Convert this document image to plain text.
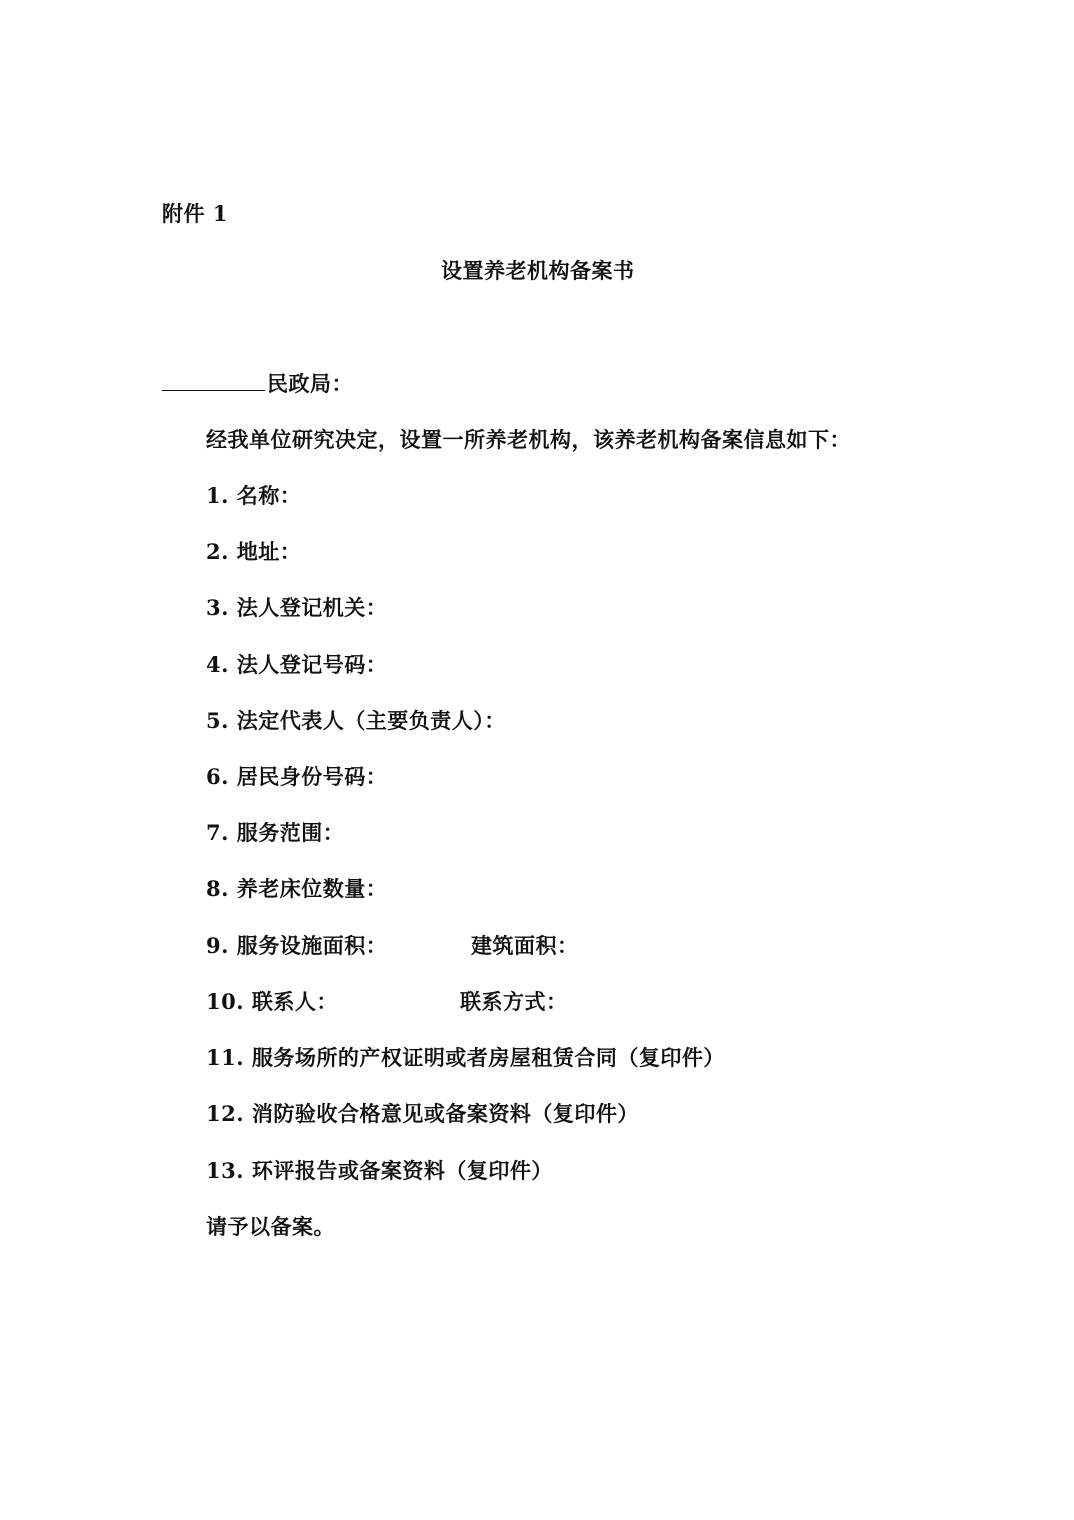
附件 1
设置养老机构备案书
民政局：
经我单位研究决定，设置一所养老机构，该养老机构备案信息如下：
1. 名称：
2. 地址：
3. 法人登记机关：
4. 法人登记号码：
5. 法定代表人（主要负责人）：
6. 居民身份号码：
7. 服务范围：
8. 养老床位数量：
9. 服务设施面积：	建筑面积：
10. 联系人：	联系方式：
11. 服务场所的产权证明或者房屋租赁合同（复印件）
12. 消防验收合格意见或备案资料（复印件）
13. 环评报告或备案资料（复印件）
请予以备案。
